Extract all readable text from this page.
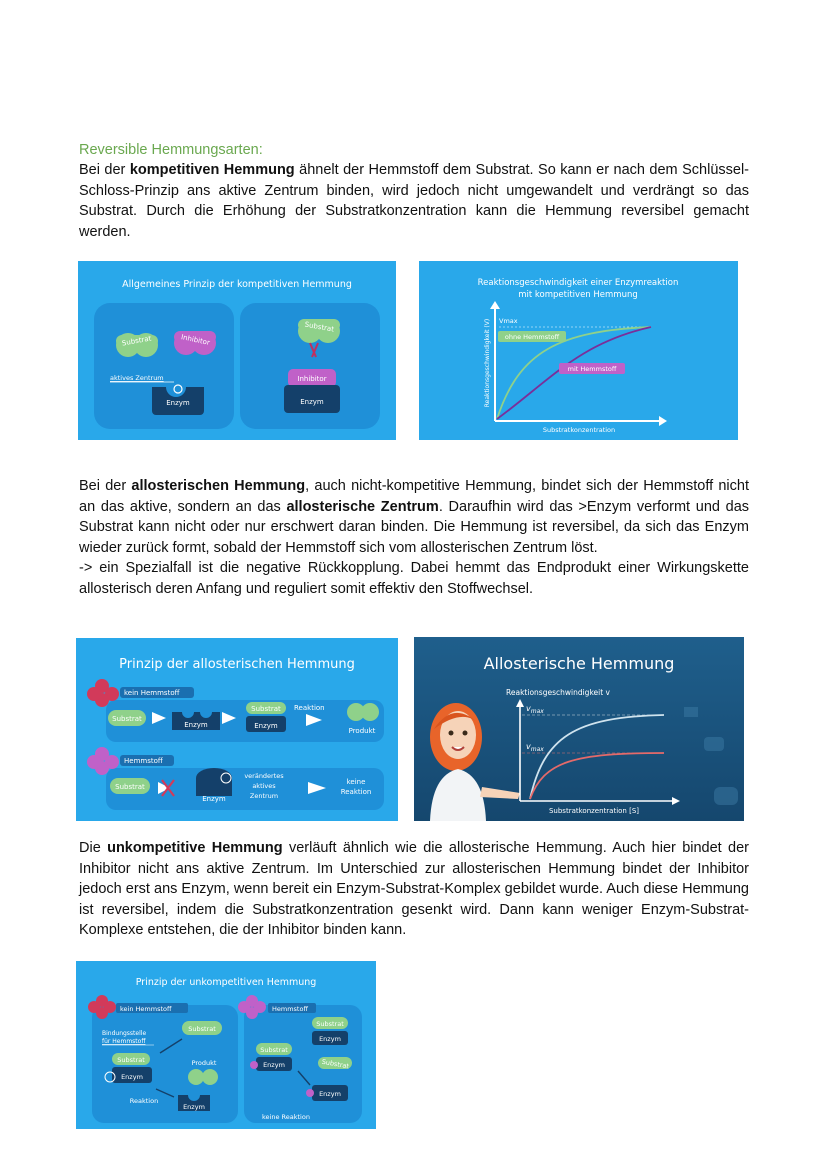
Reversible Hemmungsarten:
Bei der kompetitiven Hemmung ähnelt der Hemmstoff dem Substrat. So kann er nach dem Schlüssel-Schloss-Prinzip ans aktive Zentrum binden, wird jedoch nicht umgewandelt und verdrängt so das Substrat. Durch die Erhöhung der Substratkonzentration kann die Hemmung reversibel gemacht werden.
Allgemeines Prinzip der kompetitiven Hemmung
Substrat	Inhibitor
aktives Zentrum
Enzym
Substrat
Inhibitor
Enzym
Reaktionsgeschwindigkeit einer Enzymreaktion
mit kompetitiven Hemmung
Reaktionsgeschwindigkeit (V)
Substratkonzentration
Vmax
ohne Hemmstoff
mit Hemmstoff
Bei der allosterischen Hemmung, auch nicht-kompetitive Hemmung, bindet sich der Hemmstoff nicht an das aktive, sondern an das allosterische Zentrum. Daraufhin wird das >Enzym verformt und das Substrat kann nicht oder nur erschwert daran binden. Die Hemmung ist reversibel, da sich das Enzym wieder zurück formt, sobald der Hemmstoff sich vom allosterischen Zentrum löst.
-> ein Spezialfall ist die negative Rückkopplung. Dabei hemmt das Endprodukt einer Wirkungskette allosterisch deren Anfang und reguliert somit effektiv den Stoffwechsel.
Prinzip der allosterischen Hemmung
kein Hemmstoff
Substrat
Enzym
Substrat
Enzym
Reaktion
Produkt
Hemmstoff
Substrat
Enzym
verändertes
aktives
Zentrum
keine
Reaktion
Allosterische Hemmung
Reaktionsgeschwindigkeit v
Substratkonzentration [S]
$v_{max}$
$v_{max}$
Die unkompetitive Hemmung verläuft ähnlich wie die allosterische Hemmung. Auch hier bindet der Inhibitor nicht ans aktive Zentrum. Im Unterschied zur allosterischen Hemmung bindet der Inhibitor jedoch erst ans Enzym, wenn bereit ein Enzym-Substrat-Komplex gebildet wurde. Auch diese Hemmung ist reversibel, indem die Substratkonzentration gesenkt wird. Dann kann weniger Enzym-Substrat-Komplexe entstehen, die der Inhibitor binden kann.
Prinzip der unkompetitiven Hemmung
kein Hemmstoff
Bindungsstelle
für Hemmstoff
Substrat
Substrat
Enzym
Produkt
Reaktion
Enzym
Hemmstoff
Substrat
Enzym
Substrat
Enzym	Substrat
Enzym
keine Reaktion
